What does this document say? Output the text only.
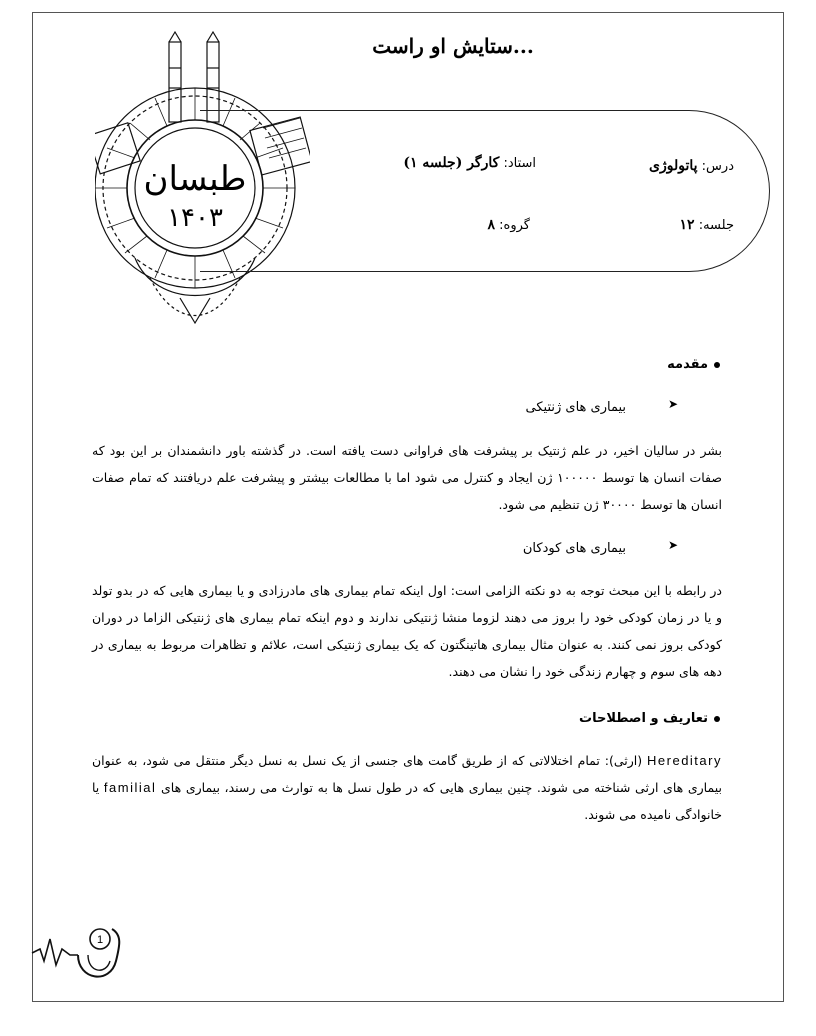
طبسان
۱۴۰۳
ستایش او راست...
درس: پاتولوژی
استاد: کارگر (جلسه ۱)
جلسه: ۱۲
گروه: ۸
مقدمه
➤
بیماری های ژنتیکی
بشر در سالیان اخیر، در علم ژنتیک بر پیشرفت های فراوانی دست یافته است. در گذشته باور دانشمندان بر این بود که صفات انسان ها توسط ۱۰۰۰۰۰ ژن ایجاد و کنترل می شود اما با مطالعات بیشتر و پیشرفت علم دریافتند که تمام صفات انسان ها توسط ۳۰۰۰۰ ژن تنظیم می شود.
➤
بیماری های کودکان
در رابطه با این مبحث توجه به دو نکته الزامی است: اول اینکه تمام بیماری های مادرزادی و یا بیماری هایی که در بدو تولد و یا در زمان کودکی خود را بروز می دهند لزوما منشا ژنتیکی ندارند و دوم اینکه تمام بیماری های ژنتیکی الزاما در دوران کودکی بروز نمی کنند. به عنوان مثال بیماری هاتینگتون که یک بیماری ژنتیکی است، علائم و تظاهرات مربوط به بیماری در دهه های سوم و چهارم زندگی خود را نشان می دهند.
تعاریف و اصطلاحات
Hereditary (ارثی): تمام اختلالاتی که از طریق گامت های جنسی از یک نسل به نسل دیگر منتقل می شود، به عنوان بیماری های ارثی شناخته می شوند. چنین بیماری هایی که در طول نسل ها به توارث می رسند، بیماری های familial یا خانوادگی نامیده می شوند.
1
